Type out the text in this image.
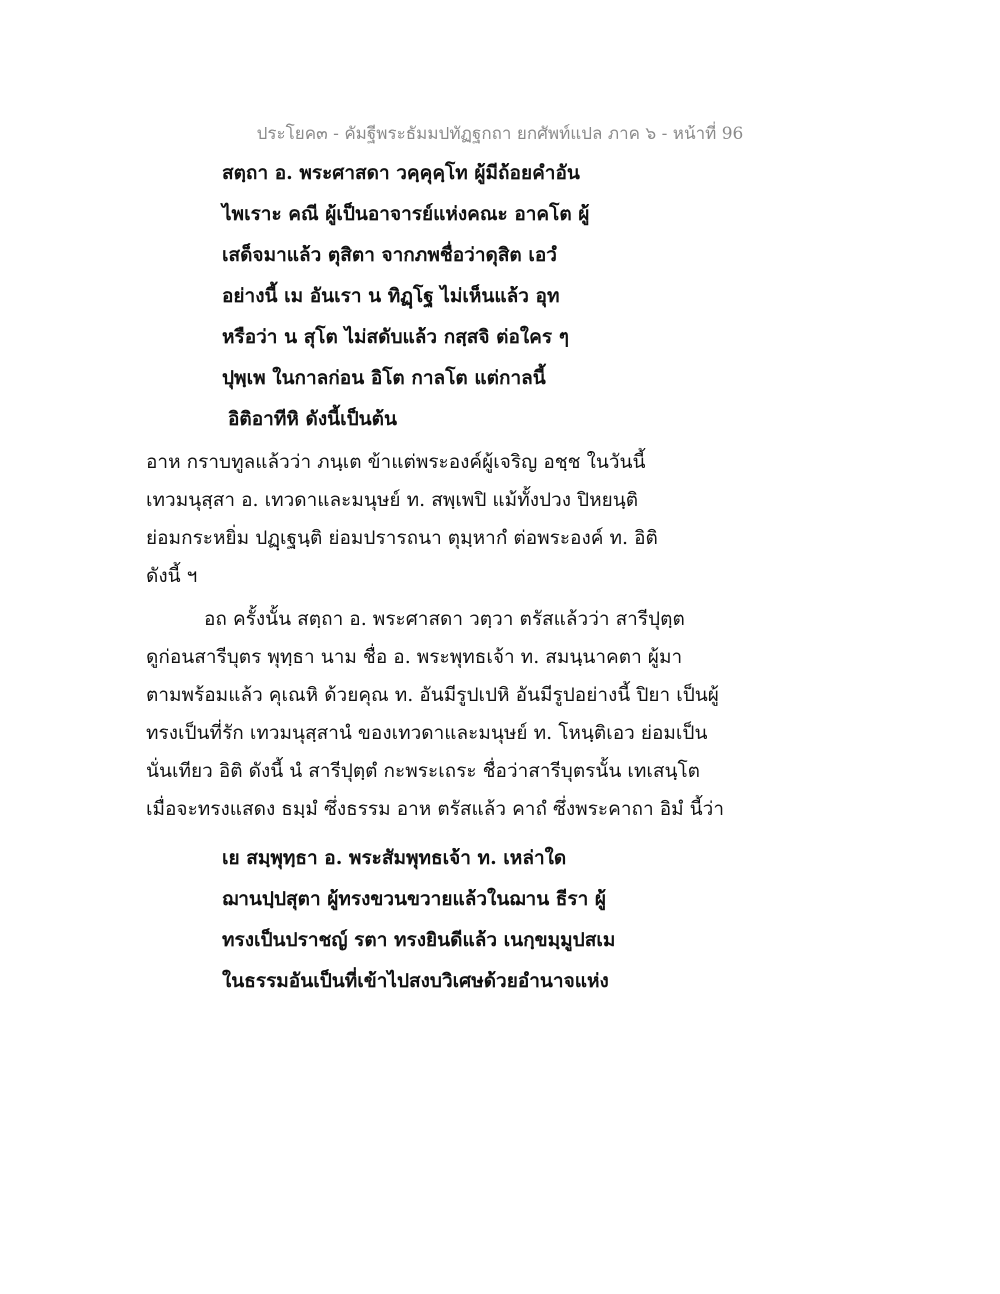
ประโยค๓ - คัมฐีพระธัมมปทัฏฐกถา ยกศัพท์แปล ภาค ๖ - หน้าที่ 96
สตฺถา อ. พระศาสดา วคฺคุคฺโท ผู้มีถ้อยคำอัน
ไพเราะ คณี ผู้เป็นอาจารย์แห่งคณะ อาคโต ผู้
เสด็จมาแล้ว ตุสิตา จากภพชื่อว่าดุสิต เอวํ
อย่างนี้ เม อันเรา น ทิฏฺโฐ ไม่เห็นแล้ว อุท
หรือว่า น สุโต ไม่สดับแล้ว กสฺสจิ ต่อใคร ๆ
ปุพฺเพ ในกาลก่อน อิโต กาลโต แต่กาลนี้
อิติอาทีหิ ดังนี้เป็นต้น
อาห กราบทูลแล้วว่า ภนฺเต ข้าแต่พระองค์ผู้เจริญ อชฺช ในวันนี้
เทวมนุสฺสา อ. เทวดาและมนุษย์ ท. สพฺเพปิ แม้ทั้งปวง ปิหยนฺติ
ย่อมกระหยิ่ม ปฏฺเฐนฺติ ย่อมปรารถนา ตุมฺหากํ ต่อพระองค์ ท. อิติ
ดังนี้ ฯ
อถ ครั้งนั้น สตฺถา อ. พระศาสดา วตฺวา ตรัสแล้วว่า สารีปุตฺต
ดูก่อนสารีบุตร พุทฺธา นาม ชื่อ อ. พระพุทธเจ้า ท. สมนฺนาคตา ผู้มา
ตามพร้อมแล้ว คุเณหิ ด้วยคุณ ท. อันมีรูปเปหิ อันมีรูปอย่างนี้ ปิยา เป็นผู้
ทรงเป็นที่รัก เทวมนุสฺสานํ ของเทวดาและมนุษย์ ท. โหนฺติเอว ย่อมเป็น
นั่นเทียว อิติ ดังนี้ นํ สารีปุตฺตํ กะพระเถระ ชื่อว่าสารีบุตรนั้น เทเสนฺโต
เมื่อจะทรงแสดง ธมฺมํ ซึ่งธรรม อาห ตรัสแล้ว คาถํ ซึ่งพระคาถา อิมํ นี้ว่า
เย สมฺพุทฺธา อ. พระสัมพุทธเจ้า ท. เหล่าใด
ฌานปฺปสุตา ผู้ทรงขวนขวายแล้วในฌาน ธีรา ผู้
ทรงเป็นปราชญ์ รตา ทรงยินดีแล้ว เนกฺขมฺมูปสเม
ในธรรมอันเป็นที่เข้าไปสงบวิเศษด้วยอำนาจแห่ง
